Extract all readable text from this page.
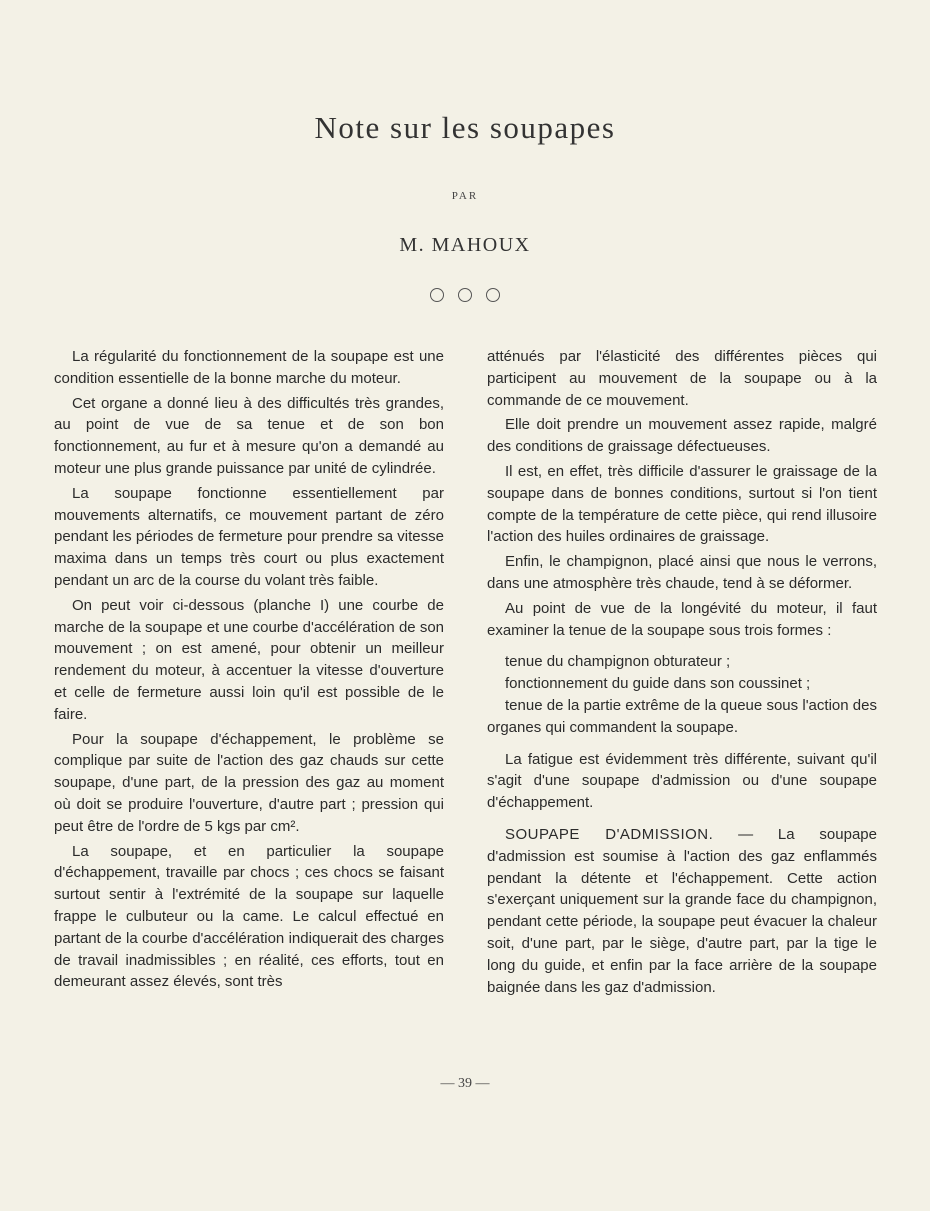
Note sur les soupapes
PAR
M. MAHOUX

La régularité du fonctionnement de la soupape est une condition essentielle de la bonne marche du moteur.

Cet organe a donné lieu à des difficultés très grandes, au point de vue de sa tenue et de son bon fonctionnement, au fur et à mesure qu'on a demandé au moteur une plus grande puissance par unité de cylindrée.

La soupape fonctionne essentiellement par mouvements alternatifs, ce mouvement partant de zéro pendant les périodes de fermeture pour prendre sa vitesse maxima dans un temps très court ou plus exactement pendant un arc de la course du volant très faible.

On peut voir ci-dessous (planche I) une courbe de marche de la soupape et une courbe d'accélération de son mouvement ; on est amené, pour obtenir un meilleur rendement du moteur, à accentuer la vitesse d'ouverture et celle de fermeture aussi loin qu'il est possible de le faire.

Pour la soupape d'échappement, le problème se complique par suite de l'action des gaz chauds sur cette soupape, d'une part, de la pression des gaz au moment où doit se produire l'ouverture, d'autre part ; pression qui peut être de l'ordre de 5 kgs par cm².

La soupape, et en particulier la soupape d'échappement, travaille par chocs ; ces chocs se faisant surtout sentir à l'extrémité de la soupape sur laquelle frappe le culbuteur ou la came. Le calcul effectué en partant de la courbe d'accélération indiquerait des charges de travail inadmissibles ; en réalité, ces efforts, tout en demeurant assez élevés, sont très

atténués par l'élasticité des différentes pièces qui participent au mouvement de la soupape ou à la commande de ce mouvement.

Elle doit prendre un mouvement assez rapide, malgré des conditions de graissage défectueuses.

Il est, en effet, très difficile d'assurer le graissage de la soupape dans de bonnes conditions, surtout si l'on tient compte de la température de cette pièce, qui rend illusoire l'action des huiles ordinaires de graissage.

Enfin, le champignon, placé ainsi que nous le verrons, dans une atmosphère très chaude, tend à se déformer.

Au point de vue de la longévité du moteur, il faut examiner la tenue de la soupape sous trois formes :

tenue du champignon obturateur ;

fonctionnement du guide dans son coussinet ;

tenue de la partie extrême de la queue sous l'action des organes qui commandent la soupape.

La fatigue est évidemment très différente, suivant qu'il s'agit d'une soupape d'admission ou d'une soupape d'échappement.

SOUPAPE D'ADMISSION. — La soupape d'admission est soumise à l'action des gaz enflammés pendant la détente et l'échappement. Cette action s'exerçant uniquement sur la grande face du champignon, pendant cette période, la soupape peut évacuer la chaleur soit, d'une part, par le siège, d'autre part, par la tige le long du guide, et enfin par la face arrière de la soupape baignée dans les gaz d'admission.

— 39 —
